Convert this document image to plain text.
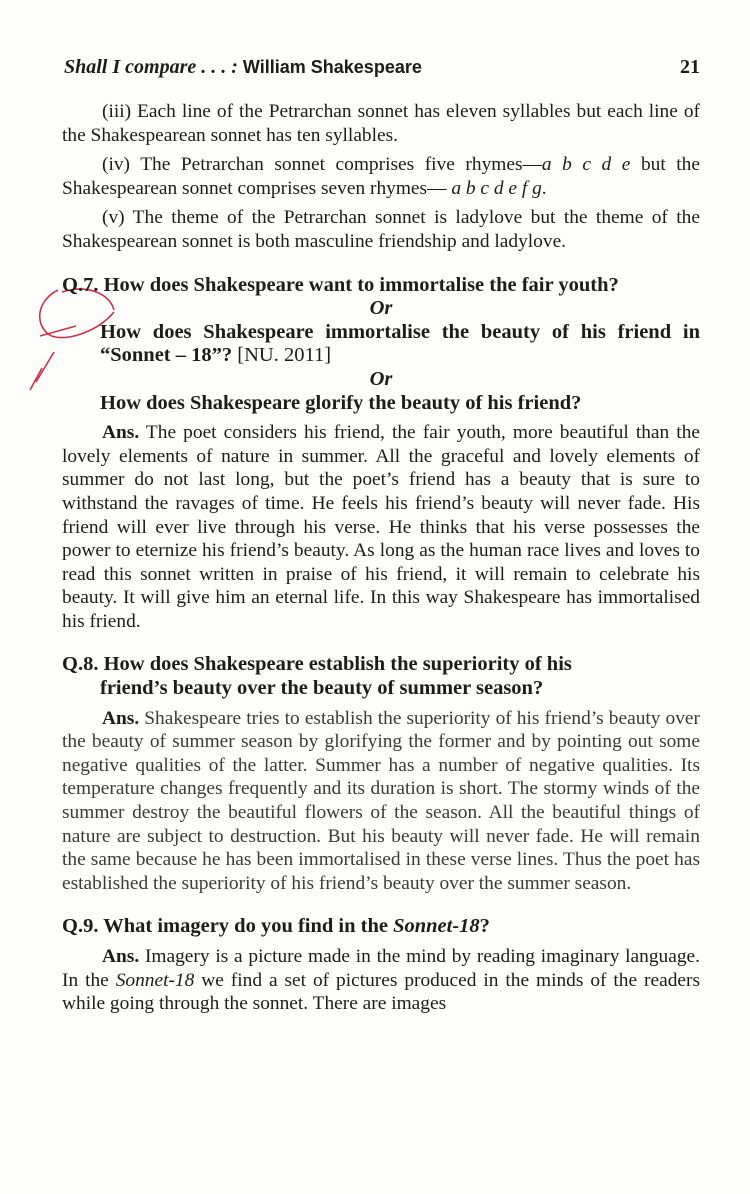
Shall I compare . . . : William Shakespeare	21

(iii) Each line of the Petrarchan sonnet has eleven syllables but each line of the Shakespearean sonnet has ten syllables.

(iv) The Petrarchan sonnet comprises five rhymes—a b c d e but the Shakespearean sonnet comprises seven rhymes— a b c d e f g.

(v) The theme of the Petrarchan sonnet is ladylove but the theme of the Shakespearean sonnet is both masculine friendship and ladylove.

Q.7. How does Shakespeare want to immortalise the fair youth?

Or

How does Shakespeare immortalise the beauty of his friend in “Sonnet – 18”? [NU. 2011]

Or

How does Shakespeare glorify the beauty of his friend?

Ans. The poet considers his friend, the fair youth, more beautiful than the lovely elements of nature in summer. All the graceful and lovely elements of summer do not last long, but the poet’s friend has a beauty that is sure to withstand the ravages of time. He feels his friend’s beauty will never fade. His friend will ever live through his verse. He thinks that his verse possesses the power to eternize his friend’s beauty. As long as the human race lives and loves to read this sonnet written in praise of his friend, it will remain to celebrate his beauty. It will give him an eternal life. In this way Shakespeare has immortalised his friend.

Q.8. How does Shakespeare establish the superiority of his

friend’s beauty over the beauty of summer season?

Ans. Shakespeare tries to establish the superiority of his friend’s beauty over the beauty of summer season by glorifying the former and by pointing out some negative qualities of the latter. Summer has a number of negative qualities. Its temperature changes frequently and its duration is short. The stormy winds of the summer destroy the beautiful flowers of the season. All the beautiful things of nature are subject to destruction. But his beauty will never fade. He will remain the same because he has been immortalised in these verse lines. Thus the poet has established the superiority of his friend’s beauty over the summer season.

Q.9. What imagery do you find in the Sonnet-18?

Ans. Imagery is a picture made in the mind by reading imaginary language. In the Sonnet-18 we find a set of pictures produced in the minds of the readers while going through the sonnet. There are images
